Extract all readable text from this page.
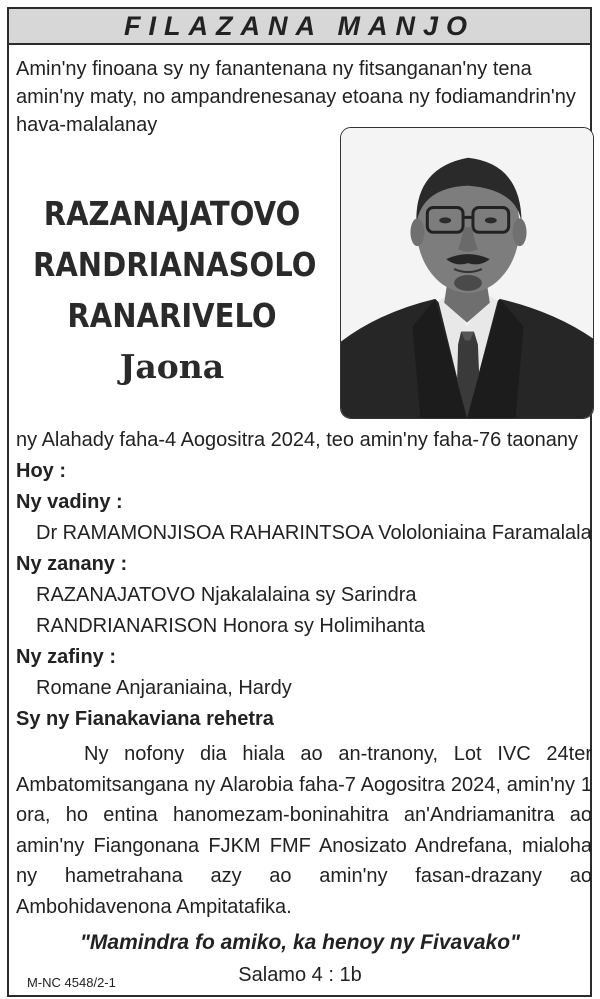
FILAZANA MANJO
Amin'ny finoana sy ny fanantenana ny fitsanganan'ny tena amin'ny maty, no ampandrenesanay etoana ny fodiamandrin'ny hava-malalanay
RAZANAJATOVO
RANDRIANASOLO
RANARIVELO
Jaona
ny Alahady faha-4 Aogositra 2024, teo amin'ny faha-76 taonany
Hoy :
Ny vadiny :
Dr RAMAMONJISOA RAHARINTSOA Vololoniaina Faramalala
Ny zanany :
RAZANAJATOVO Njakalalaina sy Sarindra
RANDRIANARISON Honora sy Holimihanta
Ny zafiny :
Romane Anjaraniaina, Hardy
Sy ny Fianakaviana rehetra
Ny nofony dia hiala ao an-tranony, Lot IVC 24ter Ambatomitsangana ny Alarobia faha-7 Aogositra 2024, amin'ny 1 ora, ho entina hanomezam-boninahitra an'Andriamanitra ao amin'ny Fiangonana FJKM FMF Anosizato Andrefana, mialoha ny hametrahana azy ao amin'ny fasan-drazany ao Ambohidavenona Ampitatafika.
"Mamindra fo amiko, ka henoy ny Fivavako"
Salamo 4 : 1b
M-NC 4548/2-1
